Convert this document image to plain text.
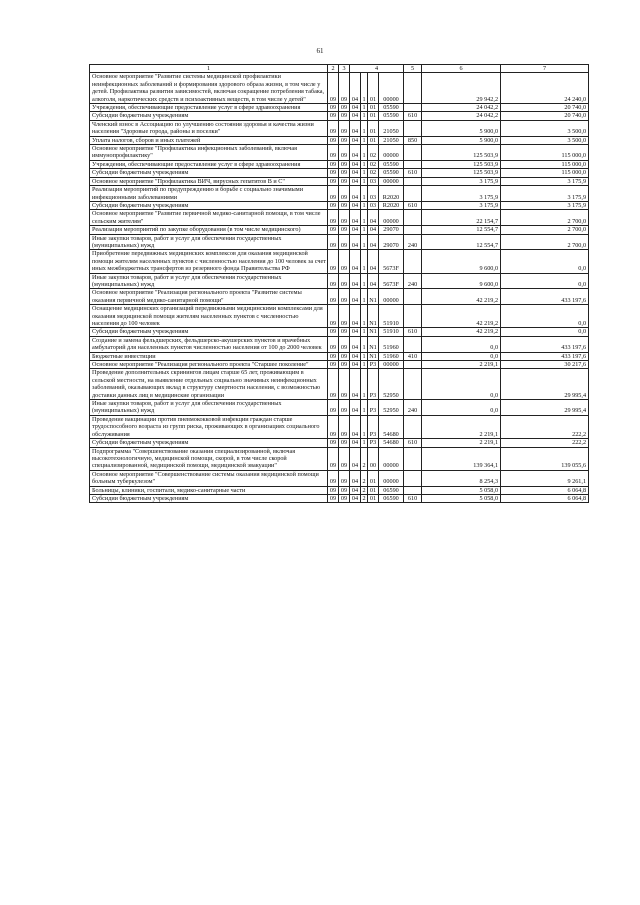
61
1	2	3	4				5	6	7
Основное мероприятие "Развитие системы медицинской профилактики неинфекционных заболеваний и формирования здорового образа жизни, в том числе у детей. Профилактика развития зависимостей, включая сокращение потребления табака, алкоголя, наркотических средств и психоактивных веществ, в том числе у детей"	09	09	04	1	01	00000		29 942,2	24 240,0
Учреждения, обеспечивающие предоставление услуг в сфере здравоохранения	09	09	04	1	01	05590		24 042,2	20 740,0
Субсидии бюджетным учреждениям	09	09	04	1	01	05590	610	24 042,2	20 740,0
Членский взнос в Ассоциацию по улучшению состояния здоровья и качества жизни населения "Здоровые города, районы и поселки"	09	09	04	1	01	21050		5 900,0	3 500,0
Уплата налогов, сборов и иных платежей	09	09	04	1	01	21050	850	5 900,0	3 500,0
Основное мероприятие "Профилактика инфекционных заболеваний, включая иммунопрофилактику"	09	09	04	1	02	00000		125 503,9	115 000,0
Учреждения, обеспечивающие предоставление услуг в сфере здравоохранения	09	09	04	1	02	05590		125 503,9	115 000,0
Субсидии бюджетным учреждениям	09	09	04	1	02	05590	610	125 503,9	115 000,0
Основное мероприятие "Профилактика ВИЧ, вирусных гепатитов В и С"	09	09	04	1	03	00000		3 175,9	3 175,9
Реализация мероприятий по предупреждению и борьбе с социально значимыми инфекционными заболеваниями	09	09	04	1	03	R2020		3 175,9	3 175,9
Субсидии бюджетным учреждениям	09	09	04	1	03	R2020	610	3 175,9	3 175,9
Основное мероприятие "Развитие первичной медико-санитарной помощи, в том числе сельским жителям"	09	09	04	1	04	00000		22 154,7	2 700,0
Реализация мероприятий по закупке оборудования (в том числе медицинского)	09	09	04	1	04	29070		12 554,7	2 700,0
Иные закупки товаров, работ и услуг для обеспечения государственных (муниципальных) нужд	09	09	04	1	04	29070	240	12 554,7	2 700,0
Приобретение передвижных медицинских комплексов для оказания медицинской помощи жителям населенных пунктов с численностью населения до 100 человек за счет иных межбюджетных трансфертов из резервного фонда Правительства РФ	09	09	04	1	04	5673F		9 600,0	0,0
Иные закупки товаров, работ и услуг для обеспечения государственных (муниципальных) нужд	09	09	04	1	04	5673F	240	9 600,0	0,0
Основное мероприятие "Реализация регионального проекта "Развитие системы оказания первичной медико-санитарной помощи"	09	09	04	1	N1	00000		42 219,2	433 197,6
Оснащение медицинских организаций передвижными медицинскими комплексами для оказания медицинской помощи жителям населенных пунктов с численностью населения до 100 человек	09	09	04	1	N1	51910		42 219,2	0,0
Субсидии бюджетным учреждениям	09	09	04	1	N1	51910	610	42 219,2	0,0
Создание и замена фельдшерских, фельдшерско-акушерских пунктов и врачебных амбулаторий для населенных пунктов численностью населения от 100 до 2000 человек	09	09	04	1	N1	51960		0,0	433 197,6
Бюджетные инвестиции	09	09	04	1	N1	51960	410	0,0	433 197,6
Основное мероприятие "Реализация регионального проекта "Старшее поколение"	09	09	04	1	P3	00000		2 219,1	30 217,6
Проведение дополнительных скринингов лицам старше 65 лет, проживающим в сельской местности, на выявление отдельных социально значимых неинфекционных заболеваний, оказывающих вклад в структуру смертности населения, с возможностью доставки данных лиц в медицинские организации	09	09	04	1	P3	52950		0,0	29 995,4
Иные закупки товаров, работ и услуг для обеспечения государственных (муниципальных) нужд	09	09	04	1	P3	52950	240	0,0	29 995,4
Проведение вакцинации против пневмококковой инфекции граждан старше трудоспособного возраста из групп риска, проживающих в организациях социального обслуживания	09	09	04	1	P3	54680		2 219,1	222,2
Субсидии бюджетным учреждениям	09	09	04	1	P3	54680	610	2 219,1	222,2
Подпрограмма "Совершенствование оказания специализированной, включая высокотехнологичную, медицинской помощи, скорой, в том числе скорой специализированной, медицинской помощи, медицинской эвакуации"	09	09	04	2	00	00000		139 364,1	139 055,6
Основное мероприятие "Совершенствование системы оказания медицинской помощи больным туберкулезом"	09	09	04	2	01	00000		8 254,3	9 261,1
Больницы, клиники, госпитали, медико-санитарные части	09	09	04	2	01	06590		5 058,0	6 064,8
Субсидии бюджетным учреждениям	09	09	04	2	01	06590	610	5 058,0	6 064,8
